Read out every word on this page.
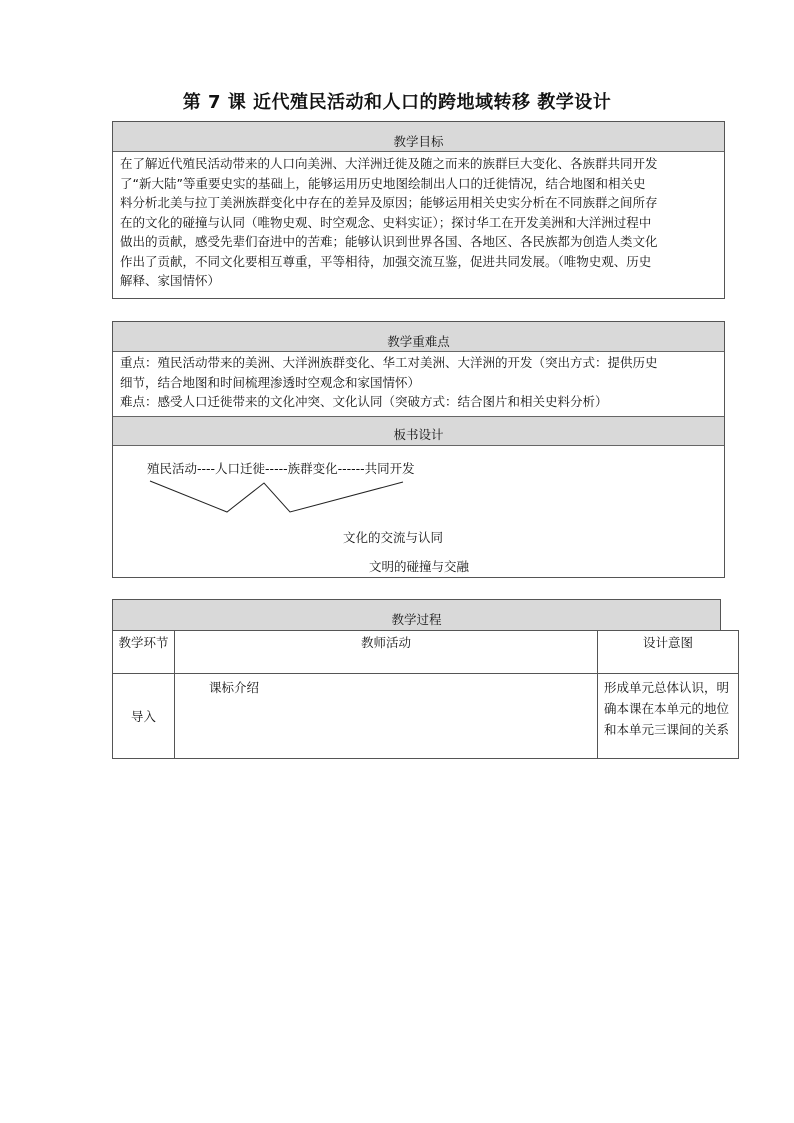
第 7 课 近代殖民活动和人口的跨地域转移 教学设计
教学目标
在了解近代殖民活动带来的人口向美洲、大洋洲迁徙及随之而来的族群巨大变化、各族群共同开发
了“新大陆”等重要史实的基础上，能够运用历史地图绘制出人口的迁徙情况，结合地图和相关史
料分析北美与拉丁美洲族群变化中存在的差异及原因；能够运用相关史实分析在不同族群之间所存
在的文化的碰撞与认同（唯物史观、时空观念、史料实证）；探讨华工在开发美洲和大洋洲过程中
做出的贡献，感受先辈们奋进中的苦难；能够认识到世界各国、各地区、各民族都为创造人类文化
作出了贡献，不同文化要相互尊重，平等相待，加强交流互鉴，促进共同发展。（唯物史观、历史
解释、家国情怀）
教学重难点
重点：殖民活动带来的美洲、大洋洲族群变化、华工对美洲、大洋洲的开发（突出方式：提供历史
细节，结合地图和时间梳理渗透时空观念和家国情怀）
难点：感受人口迁徙带来的文化冲突、文化认同（突破方式：结合图片和相关史料分析）
板书设计
殖民活动----人口迁徙-----族群变化------共同开发
文化的交流与认同
文明的碰撞与交融
教学过程
教学环节	教师活动	设计意图
导入	课标介绍	形成单元总体认识，明确本课在本单元的地位和本单元三课间的关系
